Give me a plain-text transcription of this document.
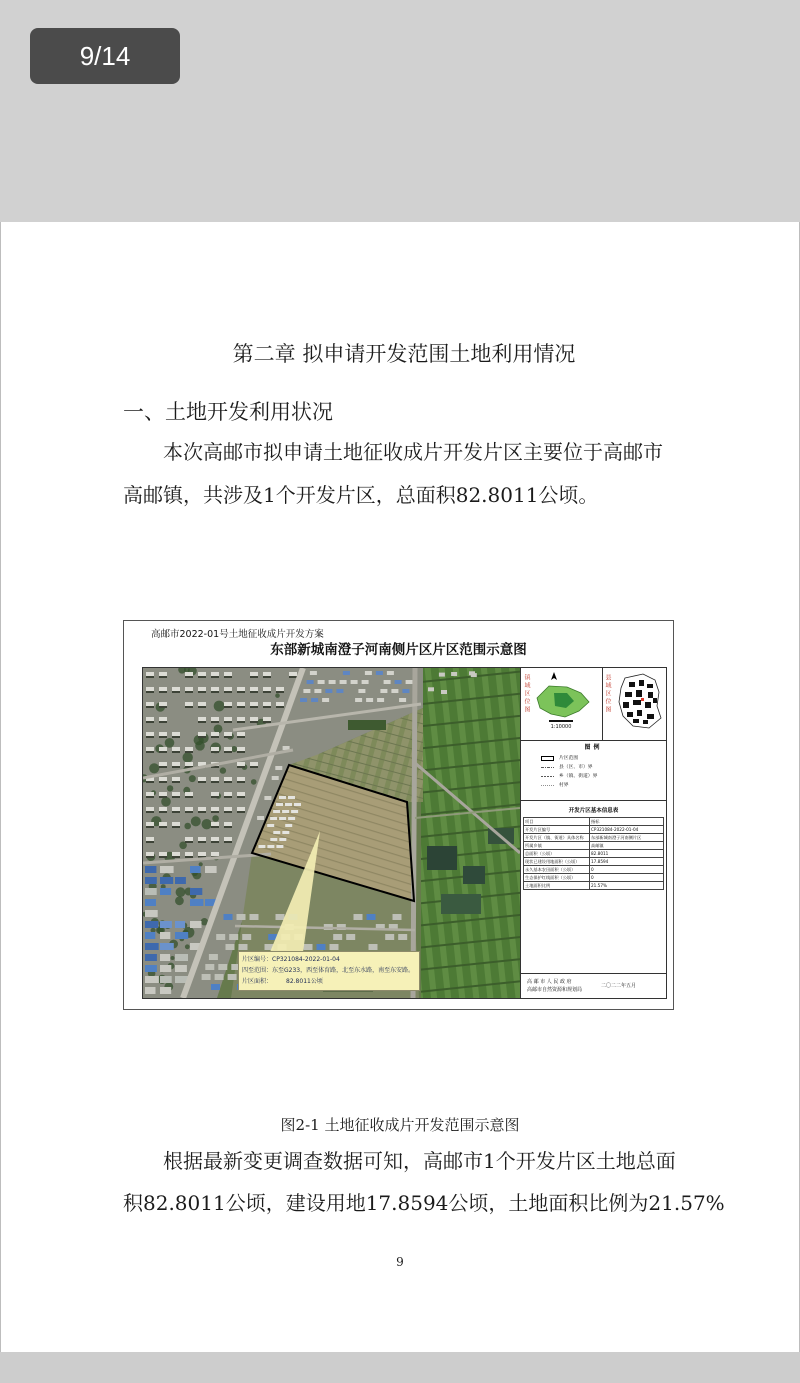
9/14
第二章 拟申请开发范围土地利用情况
一、土地开发利用状况
本次高邮市拟申请土地征收成片开发片区主要位于高邮市
高邮镇，共涉及1个开发片区，总面积82.8011公顷。
高邮市2022-01号土地征收成片开发方案
东部新城南澄子河南侧片区片区范围示意图
片区编号：CP321084-2022-01-04
四至范围：东至G233，西至体育路，北至东水路，南至东安路。
片区面积： 82.8011公顷
镇域区位图
1:10000
县域区位图
图例
片区范围
县（区、市）界
乡（镇、街道）界
村界
开发片区基本信息表
项目	指标
开发片区编号	CP321084-2022-01-04
开发片区（镇、街道）具体名称	东部新城南澄子河南侧片区
所属乡镇	高邮镇
总面积（公顷）	82.8011
现状已建设用地面积（公顷）	17.8594
永久基本农田面积（公顷）	0
生态保护红线面积（公顷）	0
土地面积比例	21.57%
高 邮 市 人 民 政 府
高邮市自然资源和规划局
二〇二二年五月
图2-1 土地征收成片开发范围示意图
根据最新变更调查数据可知，高邮市1个开发片区土地总面
积82.8011公顷，建设用地17.8594公顷，土地面积比例为21.57%
9
